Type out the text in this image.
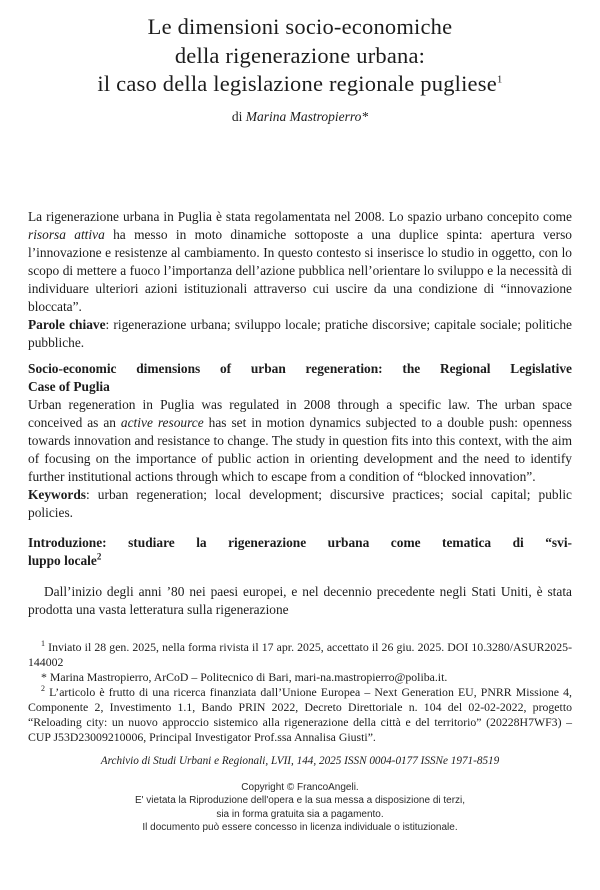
Le dimensioni socio-economiche
della rigenerazione urbana:
il caso della legislazione regionale pugliese$^1$

di Marina Mastropierro*

La rigenerazione urbana in Puglia è stata regolamentata nel 2008. Lo spazio urbano concepito come risorsa attiva ha messo in moto dinamiche sottoposte a una duplice spinta: apertura verso l’innovazione e resistenze al cambiamento. In questo contesto si inserisce lo studio in oggetto, con lo scopo di mettere a fuoco l’importanza dell’azione pubblica nell’orientare lo sviluppo e la necessità di individuare ulteriori azioni istituzionali attraverso cui uscire da una condizione di “innovazione bloccata”.

Parole chiave: rigenerazione urbana; sviluppo locale; pratiche discorsive; capitale sociale; politiche pubbliche.

Socio-economic dimensions of urban regeneration: the Regional Legislative
Case of Puglia

Urban regeneration in Puglia was regulated in 2008 through a specific law. The urban space conceived as an active resource has set in motion dynamics subjected to a double push: openness towards innovation and resistance to change. The study in question fits into this context, with the aim of focusing on the importance of public action in orienting development and the need to identify further institutional actions through which to escape from a condition of “blocked innovation”.

Keywords: urban regeneration; local development; discursive practices; social capital; public policies.

Introduzione: studiare la rigenerazione urbana come tematica di “svi-
luppo locale$^2$

Dall’inizio degli anni ’80 nei paesi europei, e nel decennio precedente negli Stati Uniti, è stata prodotta una vasta letteratura sulla rigenerazione

$^1$ Inviato il 28 gen. 2025, nella forma rivista il 17 apr. 2025, accettato il 26 giu. 2025. DOI 10.3280/ASUR2025-144002

* Marina Mastropierro, ArCoD – Politecnico di Bari, mari-na.mastropierro@poliba.it.

$^2$ L’articolo è frutto di una ricerca finanziata dall’Unione Europea – Next Generation EU, PNRR Missione 4, Componente 2, Investimento 1.1, Bando PRIN 2022, Decreto Direttoriale n. 104 del 02-02-2022, progetto “Reloading city: un nuovo approccio sistemico alla rigenerazione della città e del territorio” (20228H7WF3) – CUP J53D23009210006, Principal Investigator Prof.ssa Annalisa Giusti”.

Archivio di Studi Urbani e Regionali, LVII, 144, 2025 ISSN 0004-0177 ISSNe 1971-8519

Copyright © FrancoAngeli.
E' vietata la Riproduzione dell'opera e la sua messa a disposizione di terzi,
sia in forma gratuita sia a pagamento.
Il documento può essere concesso in licenza individuale o istituzionale.
